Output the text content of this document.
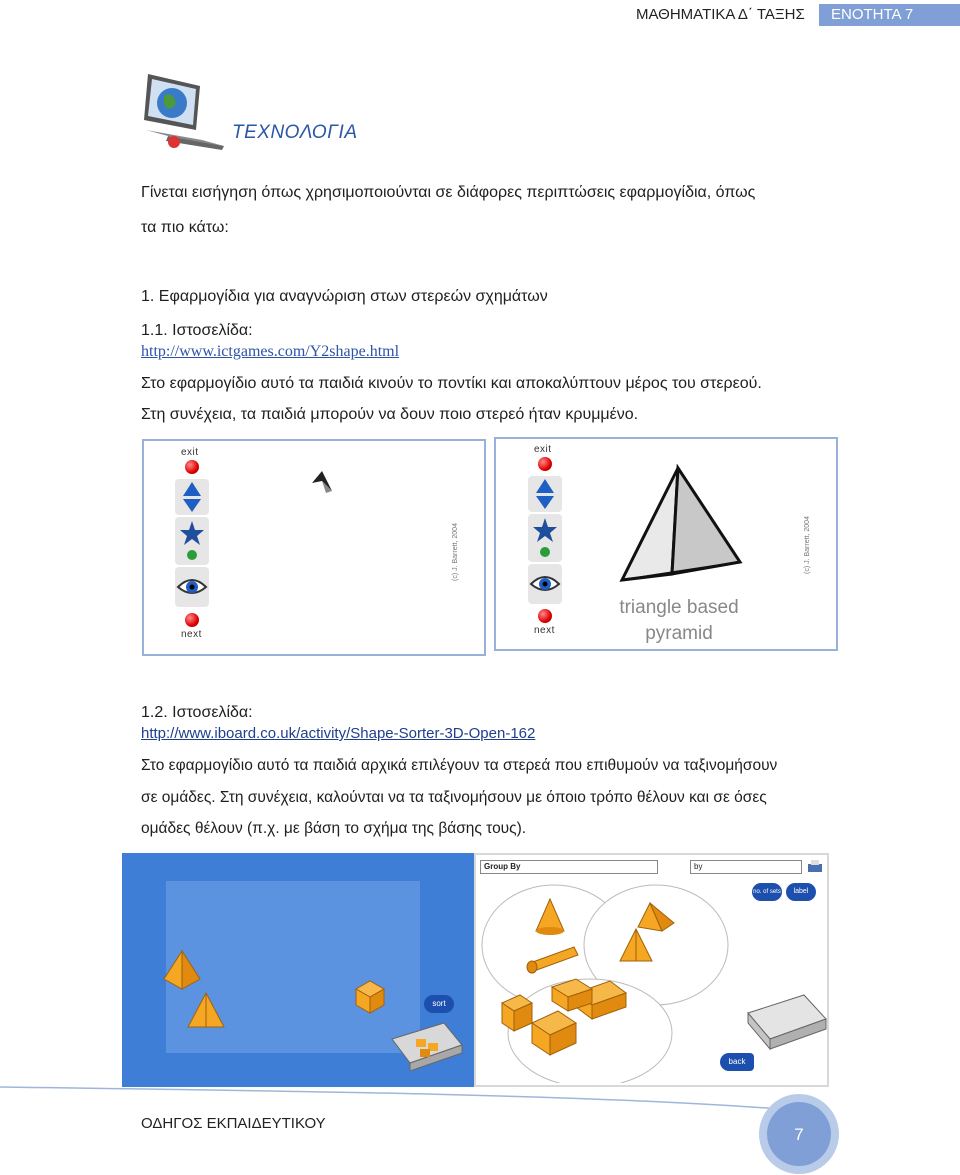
ΜΑΘΗΜΑΤΙΚΑ Δ΄ ΤΑΞΗΣ	ΕΝΟΤΗΤΑ 7
ΤΕΧΝΟΛΟΓΙΑ
Γίνεται εισήγηση όπως χρησιμοποιούνται σε διάφορες περιπτώσεις εφαρμογίδια, όπως
τα πιο κάτω:
1. Εφαρμογίδια για αναγνώριση στων στερεών σχημάτων
1.1. Ιστοσελίδα:
http://www.ictgames.com/Y2shape.html
Στο εφαρμογίδιο αυτό τα παιδιά κινούν το ποντίκι και αποκαλύπτουν μέρος του στερεού.
Στη συνέχεια, τα παιδιά μπορούν να δουν ποιο στερεό ήταν κρυμμένο.
exit
next
(c) J. Barrett, 2004
exit
next
triangle based
pyramid
(c) J. Barrett, 2004
1.2. Ιστοσελίδα:
http://www.iboard.co.uk/activity/Shape-Sorter-3D-Open-162
Στο εφαρμογίδιο αυτό τα παιδιά αρχικά επιλέγουν τα στερεά που επιθυμούν να ταξινομήσουν
σε ομάδες. Στη συνέχεια, καλούνται να τα ταξινομήσουν με όποιο τρόπο θέλουν και σε όσες
ομάδες θέλουν (π.χ. με βάση το σχήμα της βάσης τους).
sort
Group By	by
no. of sets	label
back
ΟΔΗΓΟΣ ΕΚΠΑΙΔΕΥΤΙΚΟΥ
7
